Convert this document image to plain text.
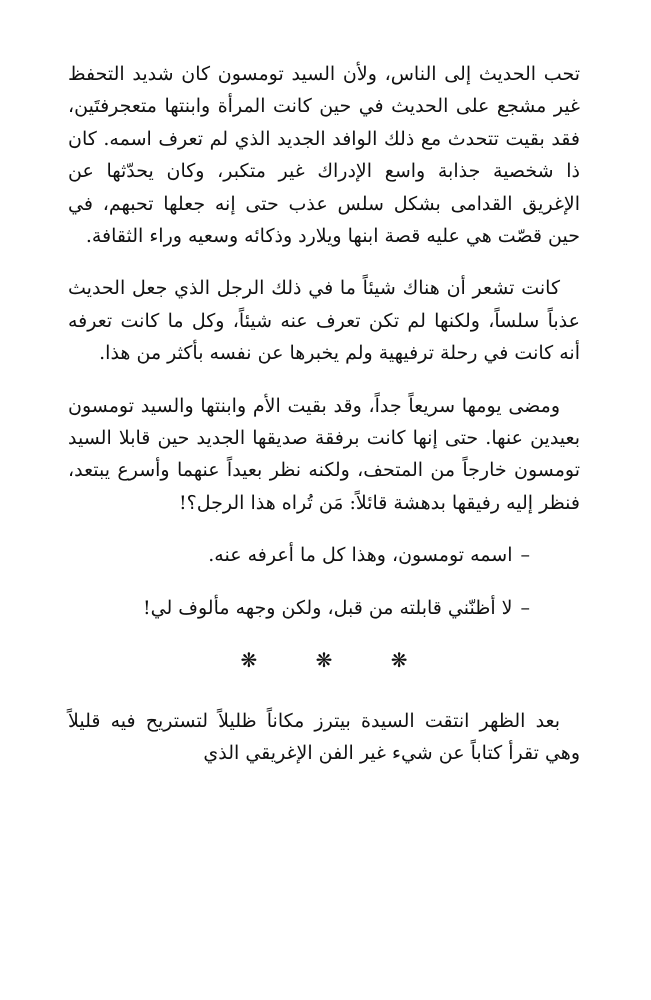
تحب الحديث إلى الناس، ولأن السيد تومسون كان شديد التحفظ غير مشجع على الحديث في حين كانت المرأة وابنتها متعجرفتَين، فقد بقيت تتحدث مع ذلك الوافد الجديد الذي لم تعرف اسمه. كان ذا شخصية جذابة واسع الإدراك غير متكبر، وكان يحدّثها عن الإغريق القدامى بشكل سلس عذب حتى إنه جعلها تحبهم، في حين قصّت هي عليه قصة ابنها ويلارد وذكائه وسعيه وراء الثقافة.

كانت تشعر أن هناك شيئاً ما في ذلك الرجل الذي جعل الحديث عذباً سلساً، ولكنها لم تكن تعرف عنه شيئاً، وكل ما كانت تعرفه أنه كانت في رحلة ترفيهية ولم يخبرها عن نفسه بأكثر من هذا.

ومضى يومها سريعاً جداً، وقد بقيت الأم وابنتها والسيد تومسون بعيدين عنها. حتى إنها كانت برفقة صديقها الجديد حين قابلا السيد تومسون خارجاً من المتحف، ولكنه نظر بعيداً عنهما وأسرع يبتعد، فنظر إليه رفيقها بدهشة قائلاً: مَن تُراه هذا الرجل؟!

–اسمه تومسون، وهذا كل ما أعرفه عنه.
–لا أظنّني قابلته من قبل، ولكن وجهه مألوف لي!
❋ ❋ ❋

بعد الظهر انتقت السيدة بيترز مكاناً ظليلاً لتستريح فيه قليلاً وهي تقرأ كتاباً عن شيء غير الفن الإغريقي الذي
